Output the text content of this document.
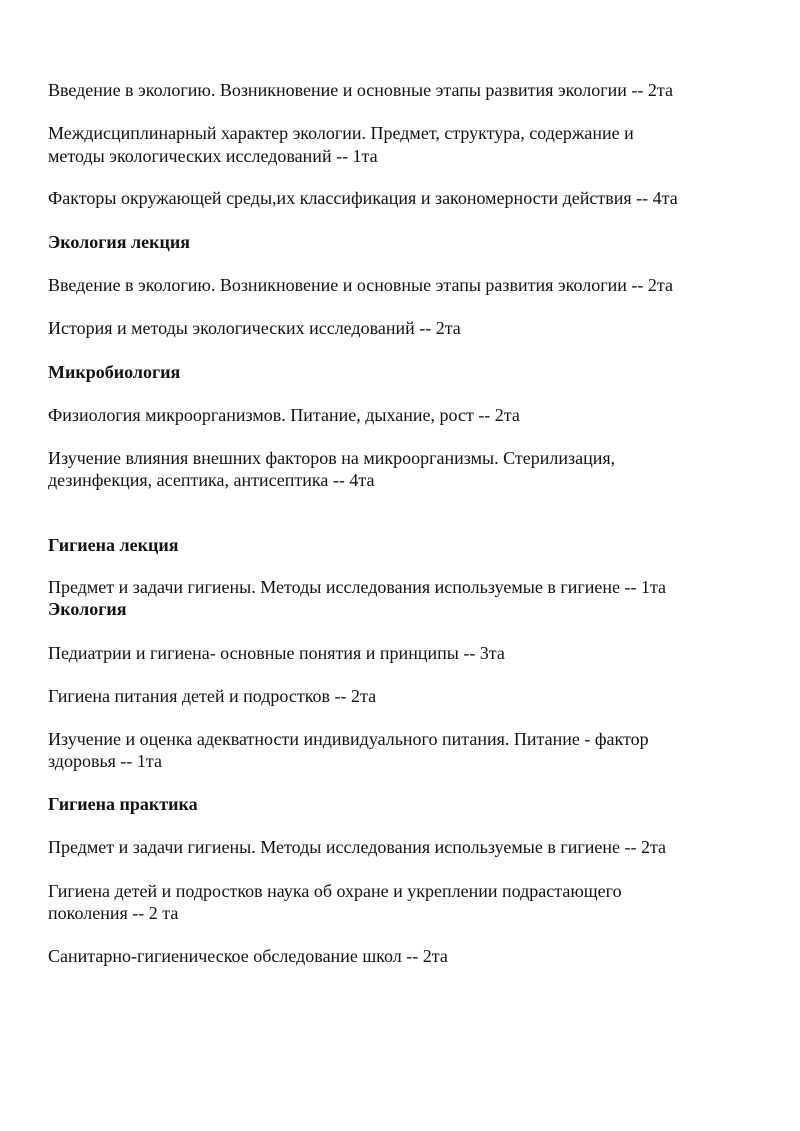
Введение в экологию. Возникновение и основные этапы развития экологии -- 2та
Междисциплинарный характер экологии. Предмет, структура, содержание и
методы экологических исследований -- 1та
Факторы окружающей среды,их классификация и закономерности действия -- 4та
Экология лекция
Введение в экологию. Возникновение и основные этапы развития экологии -- 2та
История и методы экологических исследований -- 2та
Микробиология
Физиология микроорганизмов. Питание, дыхание, рост -- 2та
Изучение влияния внешних факторов на микроорганизмы. Стерилизация,
дезинфекция, асептика, антисептика -- 4та
Гигиена лекция
Предмет и задачи гигиены. Методы исследования используемые в гигиене -- 1та
Экология
Педиатрии и гигиена- основные понятия и принципы -- 3та
Гигиена питания детей и подростков -- 2та
Изучение и оценка адекватности индивидуального питания. Питание - фактор
здоровья -- 1та
Гигиена практика
Предмет и задачи гигиены. Методы исследования используемые в гигиене -- 2та
Гигиена детей и подростков наука об охране и укреплении подрастающего
поколения -- 2 та
Санитарно-гигиеническое обследование школ -- 2та
